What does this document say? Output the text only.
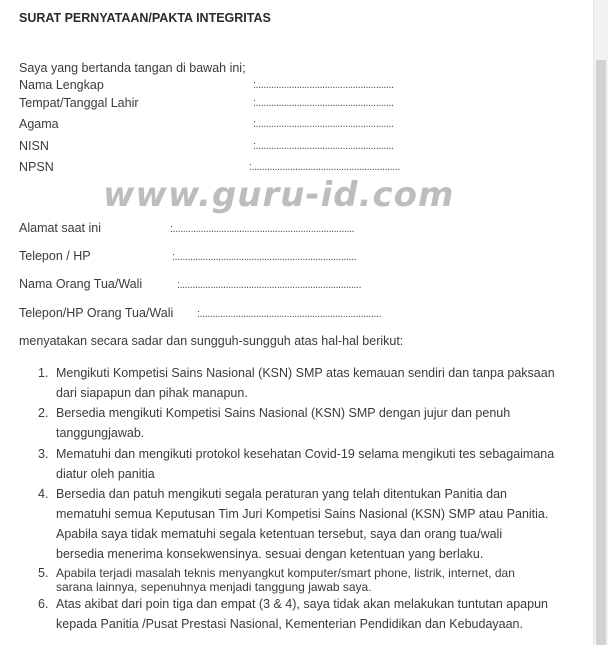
SURAT PERNYATAAN/PAKTA INTEGRITAS
Saya yang bertanda tangan di bawah ini;
Nama Lengkap	:......................................................
Tempat/Tanggal Lahir	:......................................................
Agama	:......................................................
NISN	:......................................................
NPSN	:..........................................................
www.guru-id.com
Alamat saat ini	:.......................................................................
Telepon / HP	:.......................................................................
Nama Orang Tua/Wali	:.......................................................................
Telepon/HP Orang Tua/Wali :.......................................................................
menyatakan secara sadar dan sungguh-sungguh atas hal-hal berikut:
1. Mengikuti Kompetisi Sains Nasional (KSN) SMP atas kemauan sendiri dan tanpa paksaan
dari siapapun dan pihak manapun.
2. Bersedia mengikuti Kompetisi Sains Nasional (KSN) SMP dengan jujur dan penuh
tanggungjawab.
3. Mematuhi dan mengikuti protokol kesehatan Covid-19 selama mengikuti tes sebagaimana
diatur oleh panitia
4. Bersedia dan patuh mengikuti segala peraturan yang telah ditentukan Panitia dan
mematuhi semua Keputusan Tim Juri Kompetisi Sains Nasional (KSN) SMP atau Panitia.
Apabila saya tidak mematuhi segala ketentuan tersebut, saya dan orang tua/wali
bersedia menerima konsekwensinya. sesuai dengan ketentuan yang berlaku.
5. Apabila terjadi masalah teknis menyangkut komputer/smart phone, listrik, internet, dan
sarana lainnya, sepenuhnya menjadi tanggung jawab saya.
6. Atas akibat dari poin tiga dan empat (3 & 4), saya tidak akan melakukan tuntutan apapun
kepada Panitia /Pusat Prestasi Nasional, Kementerian Pendidikan dan Kebudayaan.
